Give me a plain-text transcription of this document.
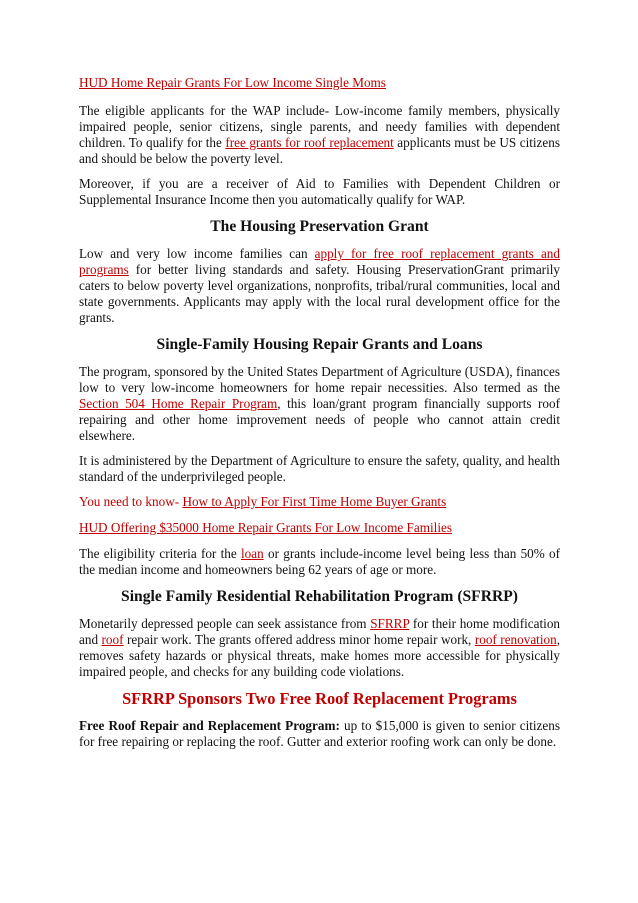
HUD Home Repair Grants For Low Income Single Moms

The eligible applicants for the WAP include- Low-income family members, physically impaired people, senior citizens, single parents, and needy families with dependent children. To qualify for the free grants for roof replacement applicants must be US citizens and should be below the poverty level.

Moreover, if you are a receiver of Aid to Families with Dependent Children or Supplemental Insurance Income then you automatically qualify for WAP.

The Housing Preservation Grant

Low and very low income families can apply for free roof replacement grants and programs for better living standards and safety. Housing PreservationGrant primarily caters to below poverty level organizations, nonprofits, tribal/rural communities, local and state governments. Applicants may apply with the local rural development office for the grants.

Single-Family Housing Repair Grants and Loans

The program, sponsored by the United States Department of Agriculture (USDA), finances low to very low-income homeowners for home repair necessities. Also termed as the Section 504 Home Repair Program, this loan/grant program financially supports roof repairing and other home improvement needs of people who cannot attain credit elsewhere.

It is administered by the Department of Agriculture to ensure the safety, quality, and health standard of the underprivileged people.

You need to know- How to Apply For First Time Home Buyer Grants

HUD Offering $35000 Home Repair Grants For Low Income Families

The eligibility criteria for the loan or grants include-income level being less than 50% of the median income and homeowners being 62 years of age or more.

Single Family Residential Rehabilitation Program (SFRRP)

Monetarily depressed people can seek assistance from SFRRP for their home modification and roof repair work. The grants offered address minor home repair work, roof renovation, removes safety hazards or physical threats, make homes more accessible for physically impaired people, and checks for any building code violations.

SFRRP Sponsors Two Free Roof Replacement Programs

Free Roof Repair and Replacement Program: up to $15,000 is given to senior citizens for free repairing or replacing the roof. Gutter and exterior roofing work can only be done.
